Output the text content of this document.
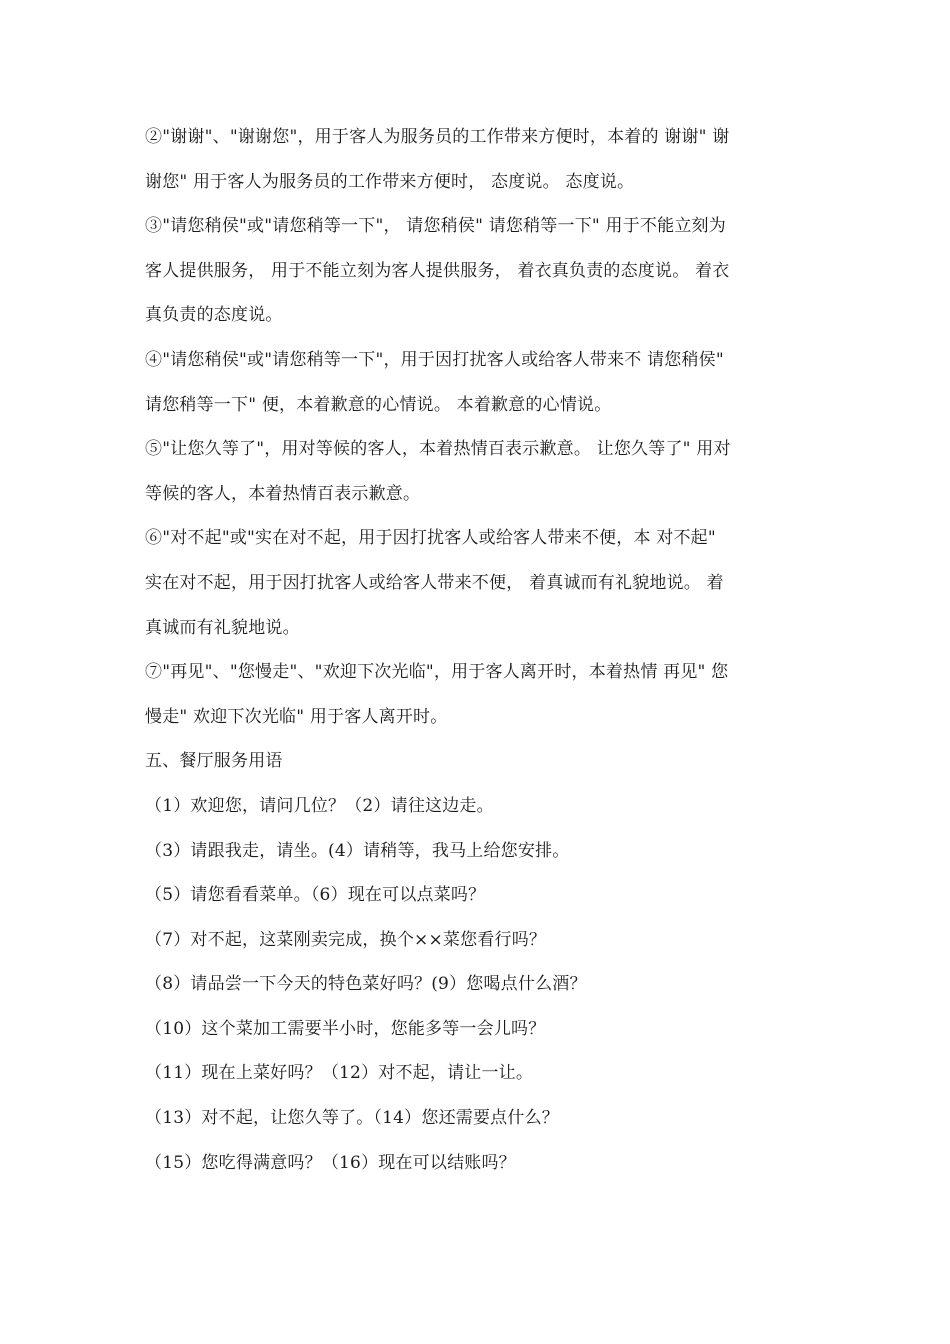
②"谢谢"、"谢谢您"，用于客人为服务员的工作带来方便时，本着的 谢谢" 谢
谢您" 用于客人为服务员的工作带来方便时， 态度说。 态度说。
③"请您稍侯"或"请您稍等一下"， 请您稍侯" 请您稍等一下" 用于不能立刻为
客人提供服务， 用于不能立刻为客人提供服务， 着衣真负责的态度说。 着衣
真负责的态度说。
④"请您稍侯"或"请您稍等一下"，用于因打扰客人或给客人带来不 请您稍侯"
请您稍等一下" 便，本着歉意的心情说。 本着歉意的心情说。
⑤"让您久等了"，用对等候的客人，本着热情百表示歉意。 让您久等了" 用对
等候的客人，本着热情百表示歉意。
⑥"对不起"或"实在对不起，用于因打扰客人或给客人带来不便，本 对不起"
实在对不起，用于因打扰客人或给客人带来不便， 着真诚而有礼貌地说。 着
真诚而有礼貌地说。
⑦"再见"、"您慢走"、"欢迎下次光临"，用于客人离开时，本着热情 再见" 您
慢走" 欢迎下次光临" 用于客人离开时。
五、餐厅服务用语
（1）欢迎您，请问几位？（2）请往这边走。
（3）请跟我走，请坐。(4）请稍等，我马上给您安排。
（5）请您看看菜单。（6）现在可以点菜吗？
（7）对不起，这菜刚卖完成，换个××菜您看行吗？
（8）请品尝一下今天的特色菜好吗？(9）您喝点什么酒？
（10）这个菜加工需要半小时，您能多等一会儿吗？
（11）现在上菜好吗？（12）对不起，请让一让。
（13）对不起，让您久等了。（14）您还需要点什么？
（15）您吃得满意吗？（16）现在可以结账吗？
